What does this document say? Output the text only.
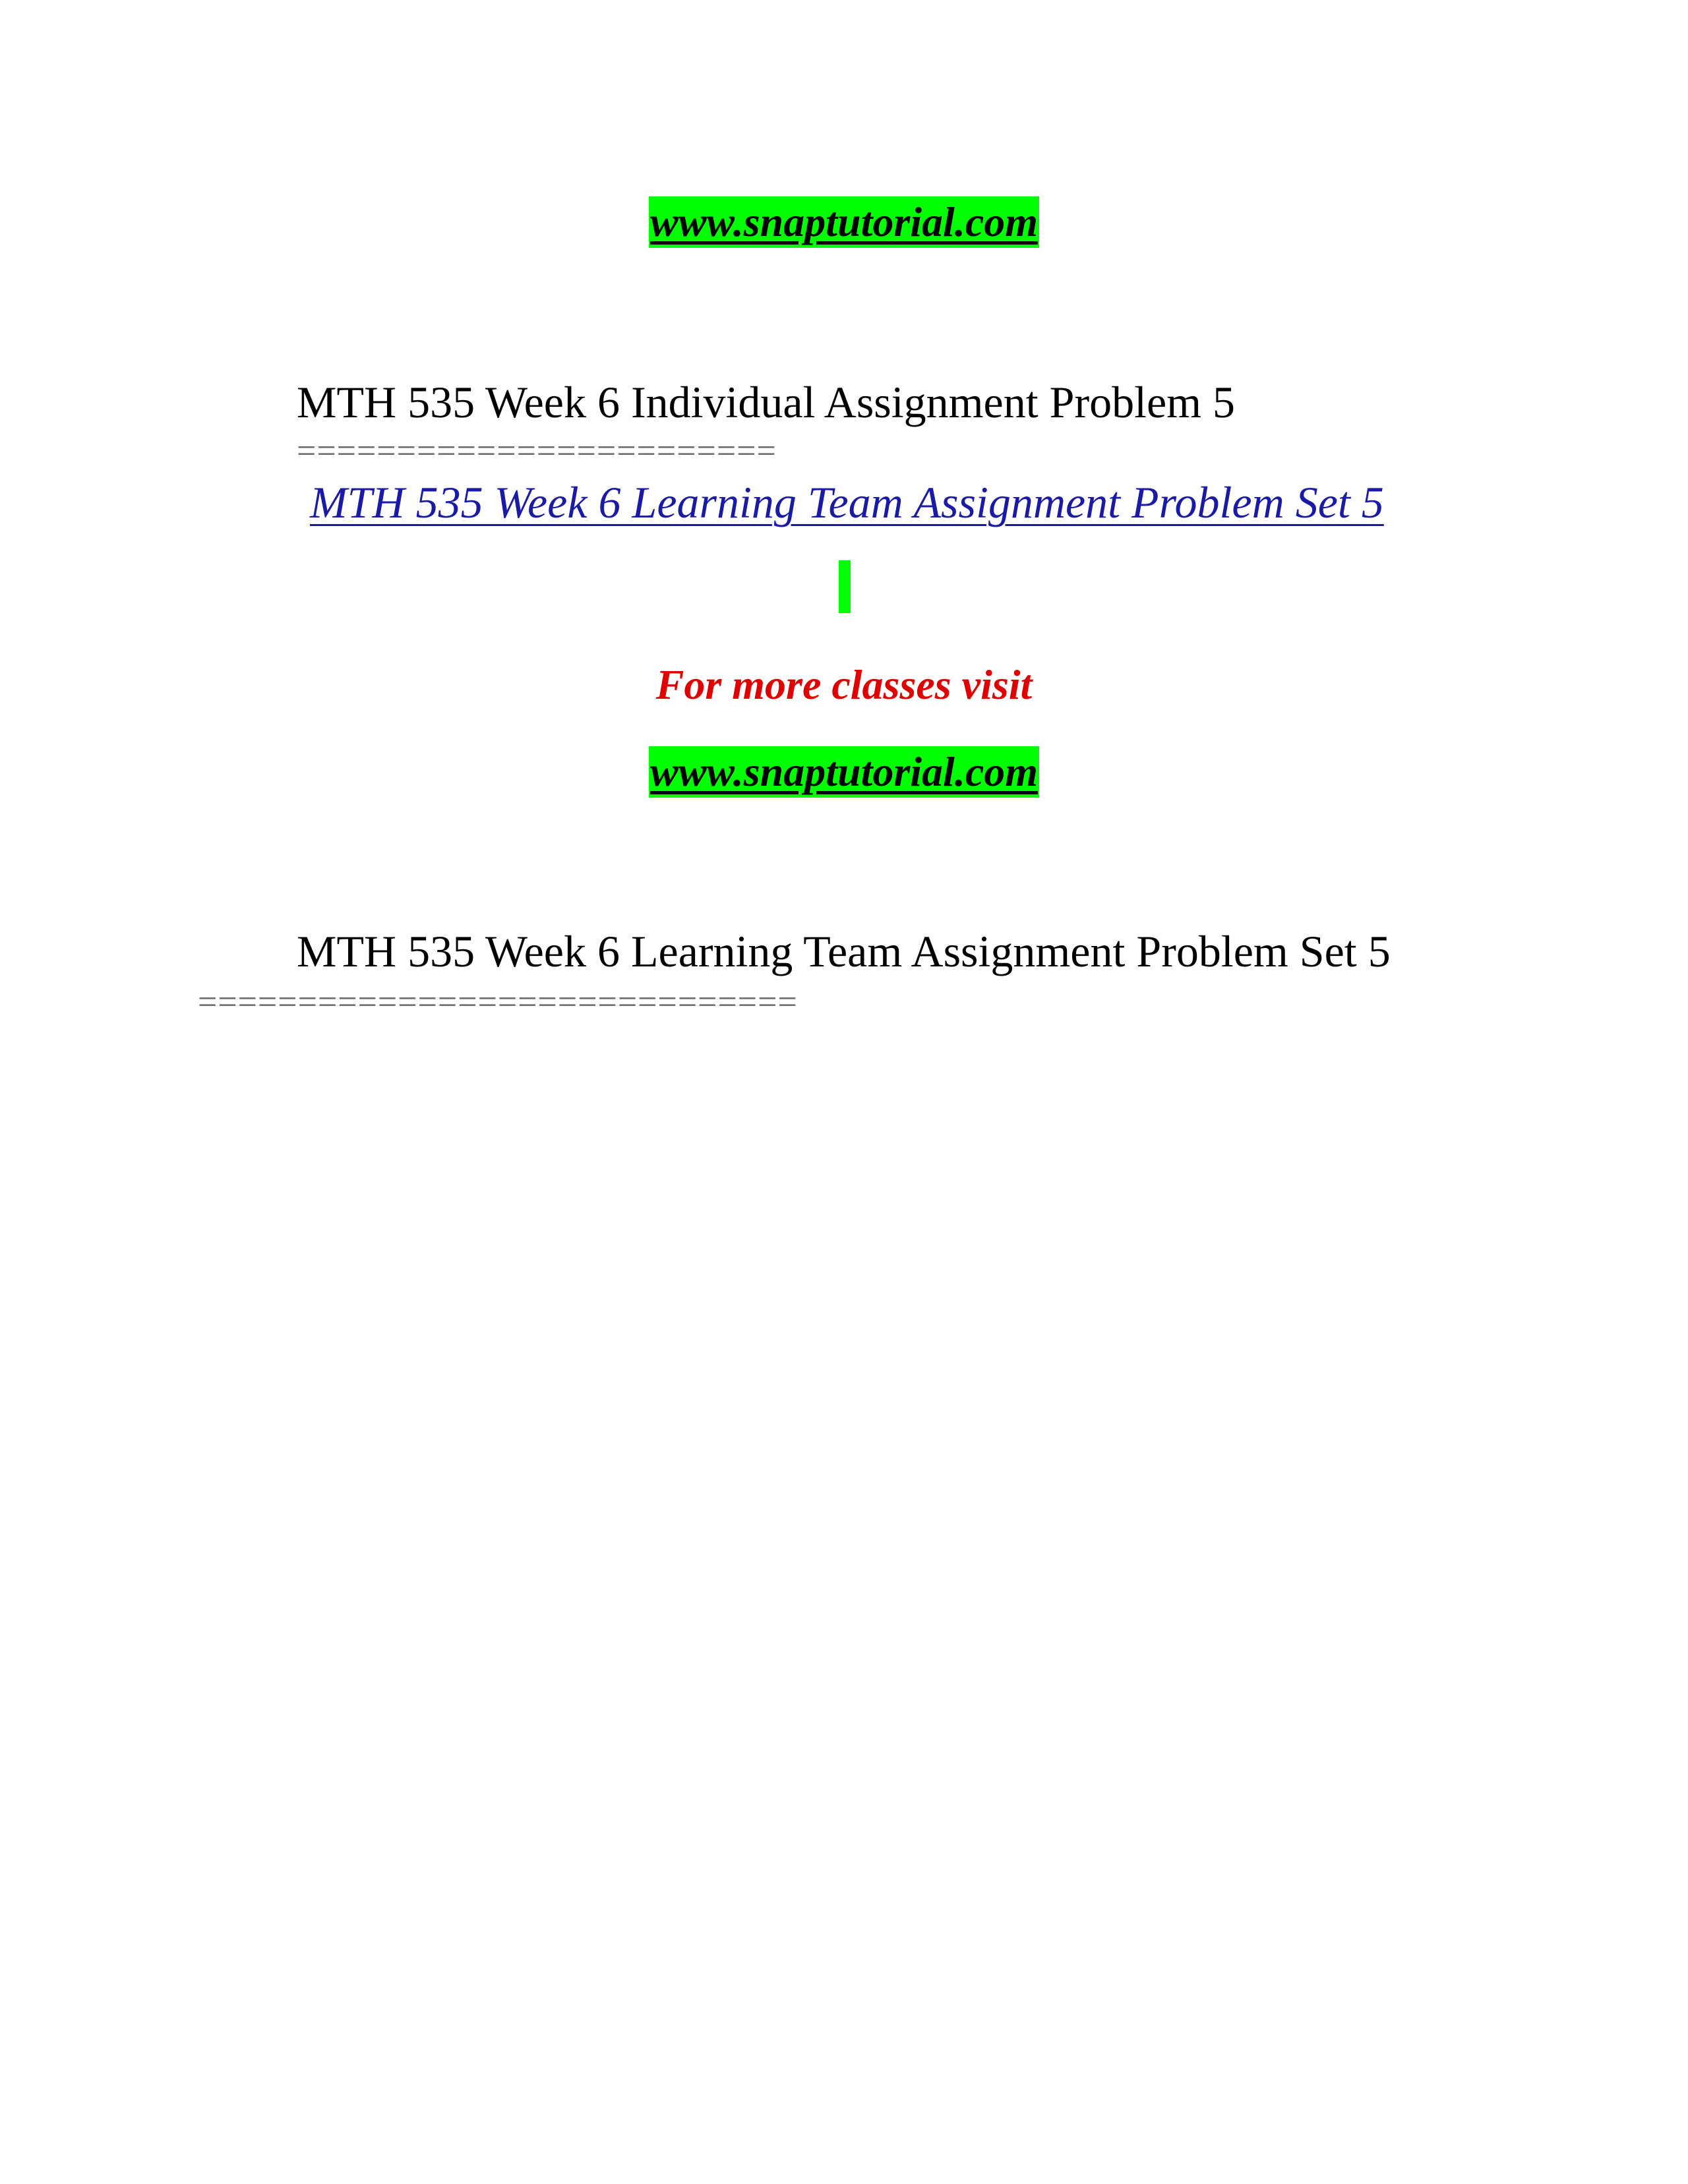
www.snaptutorial.com
MTH 535 Week 6 Individual Assignment Problem 5
========================
MTH 535 Week 6 Learning Team Assignment Problem Set 5
For more classes visit
www.snaptutorial.com
MTH 535 Week 6 Learning Team Assignment Problem Set 5
==============================
